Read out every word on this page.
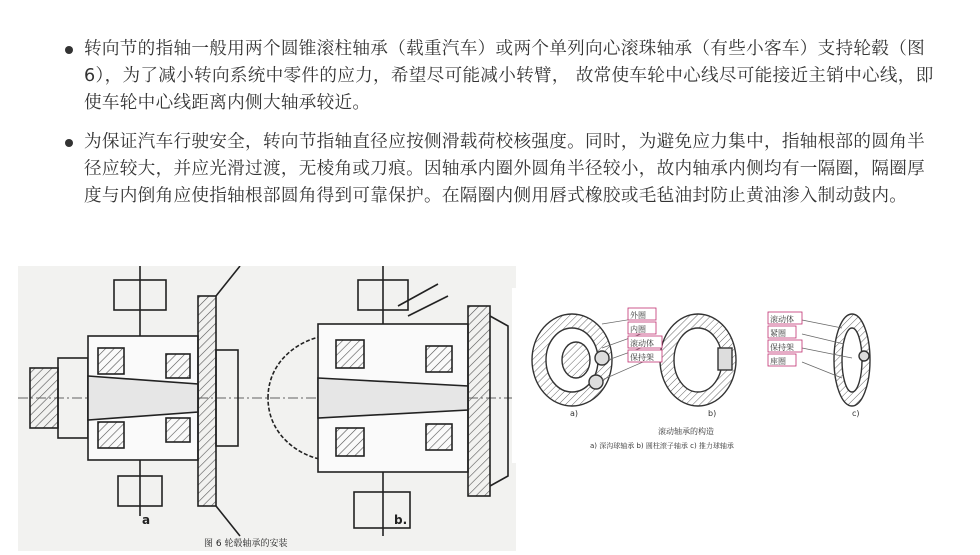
转向节的指轴一般用两个圆锥滚柱轴承（载重汽车）或两个单列向心滚珠轴承（有些小客车）支持轮毂（图6），为了减小转向系统中零件的应力，希望尽可能减小转臂， 故常使车轮中心线尽可能接近主销中心线，即使车轮中心线距离内侧大轴承较近。

为保证汽车行驶安全，转向节指轴直径应按侧滑载荷校核强度。同时，为避免应力集中，指轴根部的圆角半径应较大，并应光滑过渡，无棱角或刀痕。因轴承内圈外圆角半径较小，故内轴承内侧均有一隔圈，隔圈厚度与内倒角应使指轴根部圆角得到可靠保护。在隔圈内侧用唇式橡胶或毛毡油封防止黄油渗入制动鼓内。

a	b.
图 6 轮毂轴承的安装
外圈
内圈
滚动体
保持架
滚动体
紧圈
保持架
座圈
a)	b)	c)
滚动轴承的构造
a) 深沟球轴承 b) 圆柱滚子轴承 c) 推力球轴承
